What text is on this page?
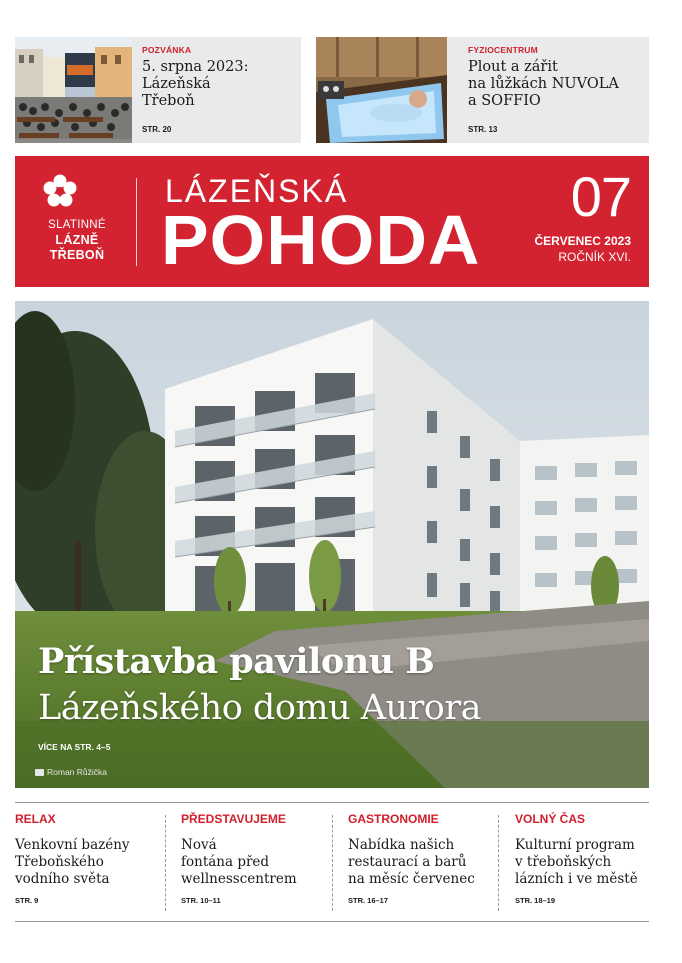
POZVÁNKA
5. srpna 2023:
Lázeňská
Třeboň
STR. 20
FYZIOCENTRUM
Plout a zářit
na lůžkách NUVOLA
a SOFFIO
STR. 13
SLATINNÉ
LÁZNĚ
TŘEBOŇ
LÁZEŇSKÁ
POHODA
07
ČERVENEC 2023
ROČNÍK XVI.
Přístavba pavilonu B
Lázeňského domu Aurora
VÍCE NA STR. 4–5
Roman Růžička
RELAX
Venkovní bazény
Třeboňského
vodního světa
STR. 9
PŘEDSTAVUJEME
Nová
fontána před
wellnesscentrem
STR. 10–11
GASTRONOMIE
Nabídka našich
restaurací a barů
na měsíc červenec
STR. 16–17
VOLNÝ ČAS
Kulturní program
v třeboňských
lázních i ve městě
STR. 18–19
